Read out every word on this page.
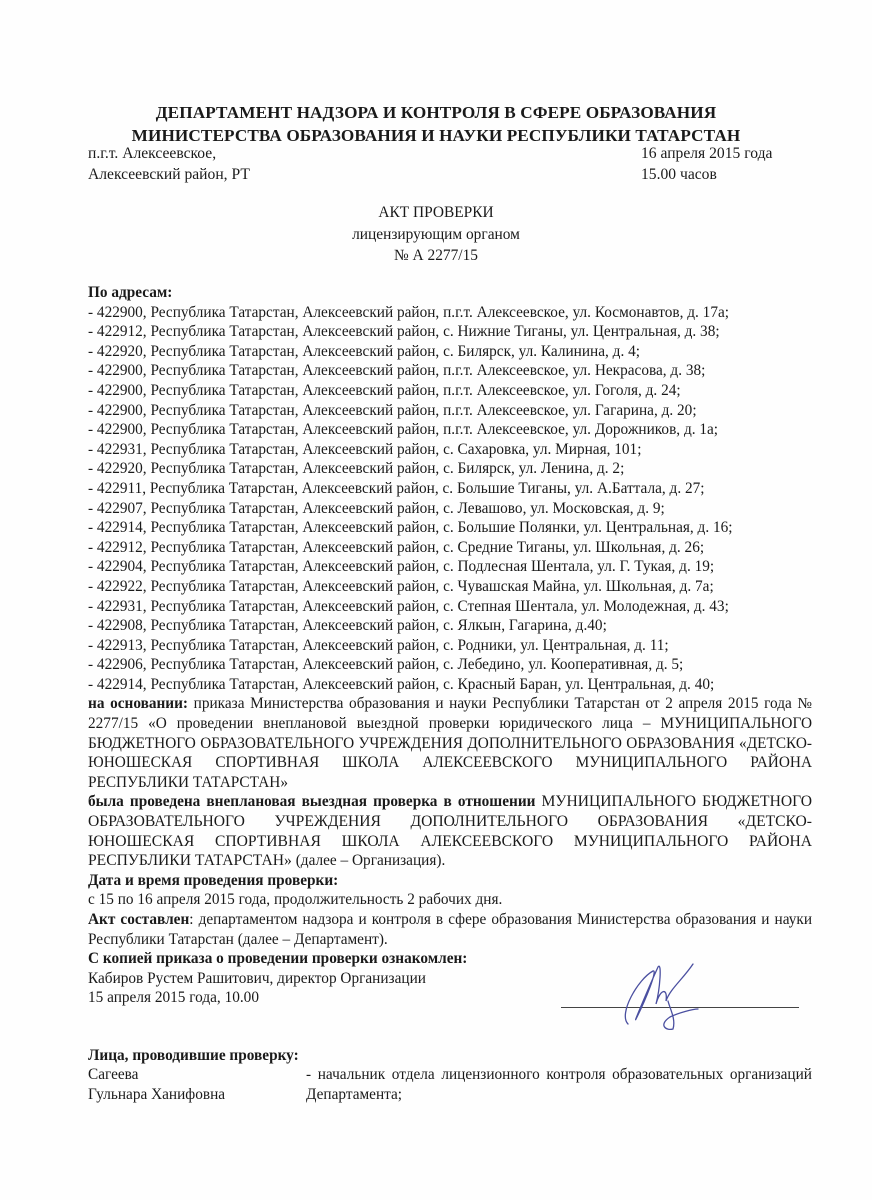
ДЕПАРТАМЕНТ НАДЗОРА И КОНТРОЛЯ В СФЕРЕ ОБРАЗОВАНИЯ
МИНИСТЕРСТВА ОБРАЗОВАНИЯ И НАУКИ РЕСПУБЛИКИ ТАТАРСТАН
п.г.т. Алексеевское,
Алексеевский район, РТ
16 апреля 2015 года
15.00 часов
АКТ ПРОВЕРКИ
лицензирующим органом
№ А 2277/15

По адресам:

- 422900, Республика Татарстан, Алексеевский район, п.г.т. Алексеевское, ул. Космонавтов, д. 17а;

- 422912, Республика Татарстан, Алексеевский район, с. Нижние Тиганы, ул. Центральная, д. 38;

- 422920, Республика Татарстан, Алексеевский район, с. Билярск, ул. Калинина, д. 4;

- 422900, Республика Татарстан, Алексеевский район, п.г.т. Алексеевское, ул. Некрасова, д. 38;

- 422900, Республика Татарстан, Алексеевский район, п.г.т. Алексеевское, ул. Гоголя, д. 24;

- 422900, Республика Татарстан, Алексеевский район, п.г.т. Алексеевское, ул. Гагарина, д. 20;

- 422900, Республика Татарстан, Алексеевский район, п.г.т. Алексеевское, ул. Дорожников, д. 1а;

- 422931, Республика Татарстан, Алексеевский район, с. Сахаровка, ул. Мирная, 101;

- 422920, Республика Татарстан, Алексеевский район, с. Билярск, ул. Ленина, д. 2;

- 422911, Республика Татарстан, Алексеевский район, с. Большие Тиганы, ул. А.Баттала, д. 27;

- 422907, Республика Татарстан, Алексеевский район, с. Левашово, ул. Московская, д. 9;

- 422914, Республика Татарстан, Алексеевский район, с. Большие Полянки, ул. Центральная, д. 16;

- 422912, Республика Татарстан, Алексеевский район, с. Средние Тиганы, ул. Школьная, д. 26;

- 422904, Республика Татарстан, Алексеевский район, с. Подлесная Шентала, ул. Г. Тукая, д. 19;

- 422922, Республика Татарстан, Алексеевский район, с. Чувашская Майна, ул. Школьная, д. 7а;

- 422931, Республика Татарстан, Алексеевский район, с. Степная Шентала, ул. Молодежная, д. 43;

- 422908, Республика Татарстан, Алексеевский район, с. Ялкын, Гагарина, д.40;

- 422913, Республика Татарстан, Алексеевский район, с. Родники, ул. Центральная, д. 11;

- 422906, Республика Татарстан, Алексеевский район, с. Лебедино, ул. Кооперативная, д. 5;

- 422914, Республика Татарстан, Алексеевский район, с. Красный Баран, ул. Центральная, д. 40;

на основании: приказа Министерства образования и науки Республики Татарстан от 2 апреля 2015 года № 2277/15 «О проведении внеплановой выездной проверки юридического лица – МУНИЦИПАЛЬНОГО БЮДЖЕТНОГО ОБРАЗОВАТЕЛЬНОГО УЧРЕЖДЕНИЯ ДОПОЛНИТЕЛЬНОГО ОБРАЗОВАНИЯ «ДЕТСКО-ЮНОШЕСКАЯ СПОРТИВНАЯ ШКОЛА АЛЕКСЕЕВСКОГО МУНИЦИПАЛЬНОГО РАЙОНА РЕСПУБЛИКИ ТАТАРСТАН»

была проведена внеплановая выездная проверка в отношении МУНИЦИПАЛЬНОГО БЮДЖЕТНОГО ОБРАЗОВАТЕЛЬНОГО УЧРЕЖДЕНИЯ ДОПОЛНИТЕЛЬНОГО ОБРАЗОВАНИЯ «ДЕТСКО-ЮНОШЕСКАЯ СПОРТИВНАЯ ШКОЛА АЛЕКСЕЕВСКОГО МУНИЦИПАЛЬНОГО РАЙОНА РЕСПУБЛИКИ ТАТАРСТАН» (далее – Организация).

Дата и время проведения проверки:

с 15 по 16 апреля 2015 года, продолжительность 2 рабочих дня.

Акт составлен: департаментом надзора и контроля в сфере образования Министерства образования и науки Республики Татарстан (далее – Департамент).

С копией приказа о проведении проверки ознакомлен:

Кабиров Рустем Рашитович, директор Организации

15 апреля 2015 года, 10.00

Лица, проводившие проверку:

Сагеева
Гульнара Ханифовна
- начальник отдела лицензионного контроля образовательных организаций Департамента;
